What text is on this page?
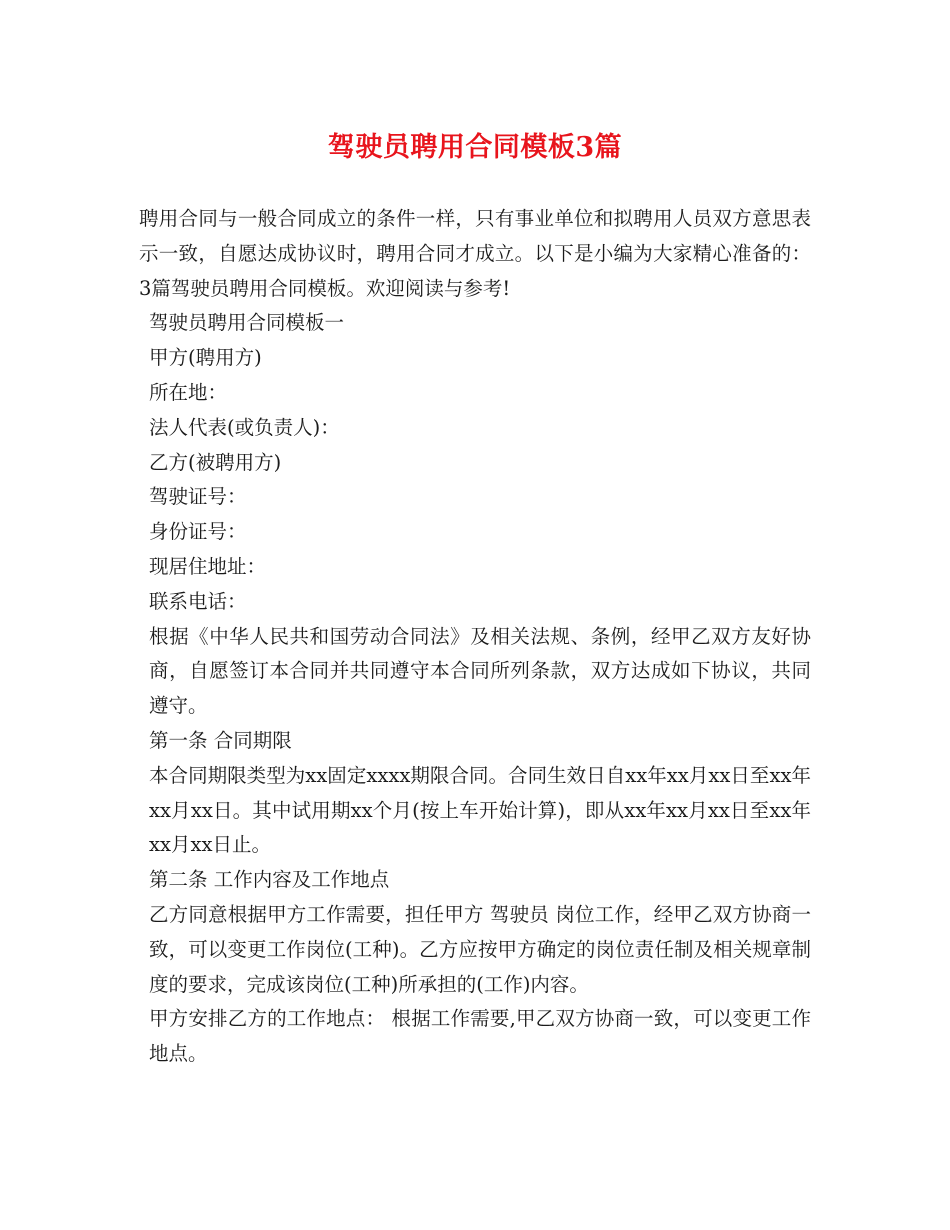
驾驶员聘用合同模板3篇

聘用合同与一般合同成立的条件一样，只有事业单位和拟聘用人员双方意思表示一致，自愿达成协议时，聘用合同才成立。以下是小编为大家精心准备的：3篇驾驶员聘用合同模板。欢迎阅读与参考!

驾驶员聘用合同模板一

甲方(聘用方)

所在地：

法人代表(或负责人)：

乙方(被聘用方)

驾驶证号：

身份证号：

现居住地址：

联系电话：

根据《中华人民共和国劳动合同法》及相关法规、条例，经甲乙双方友好协商，自愿签订本合同并共同遵守本合同所列条款，双方达成如下协议，共同遵守。

第一条 合同期限

本合同期限类型为xx固定xxxx期限合同。合同生效日自xx年xx月xx日至xx年xx月xx日。其中试用期xx个月(按上车开始计算)，即从xx年xx月xx日至xx年xx月xx日止。

第二条 工作内容及工作地点

乙方同意根据甲方工作需要，担任甲方 驾驶员 岗位工作，经甲乙双方协商一致，可以变更工作岗位(工种)。乙方应按甲方确定的岗位责任制及相关规章制度的要求，完成该岗位(工种)所承担的(工作)内容。

甲方安排乙方的工作地点： 根据工作需要,甲乙双方协商一致，可以变更工作地点。
